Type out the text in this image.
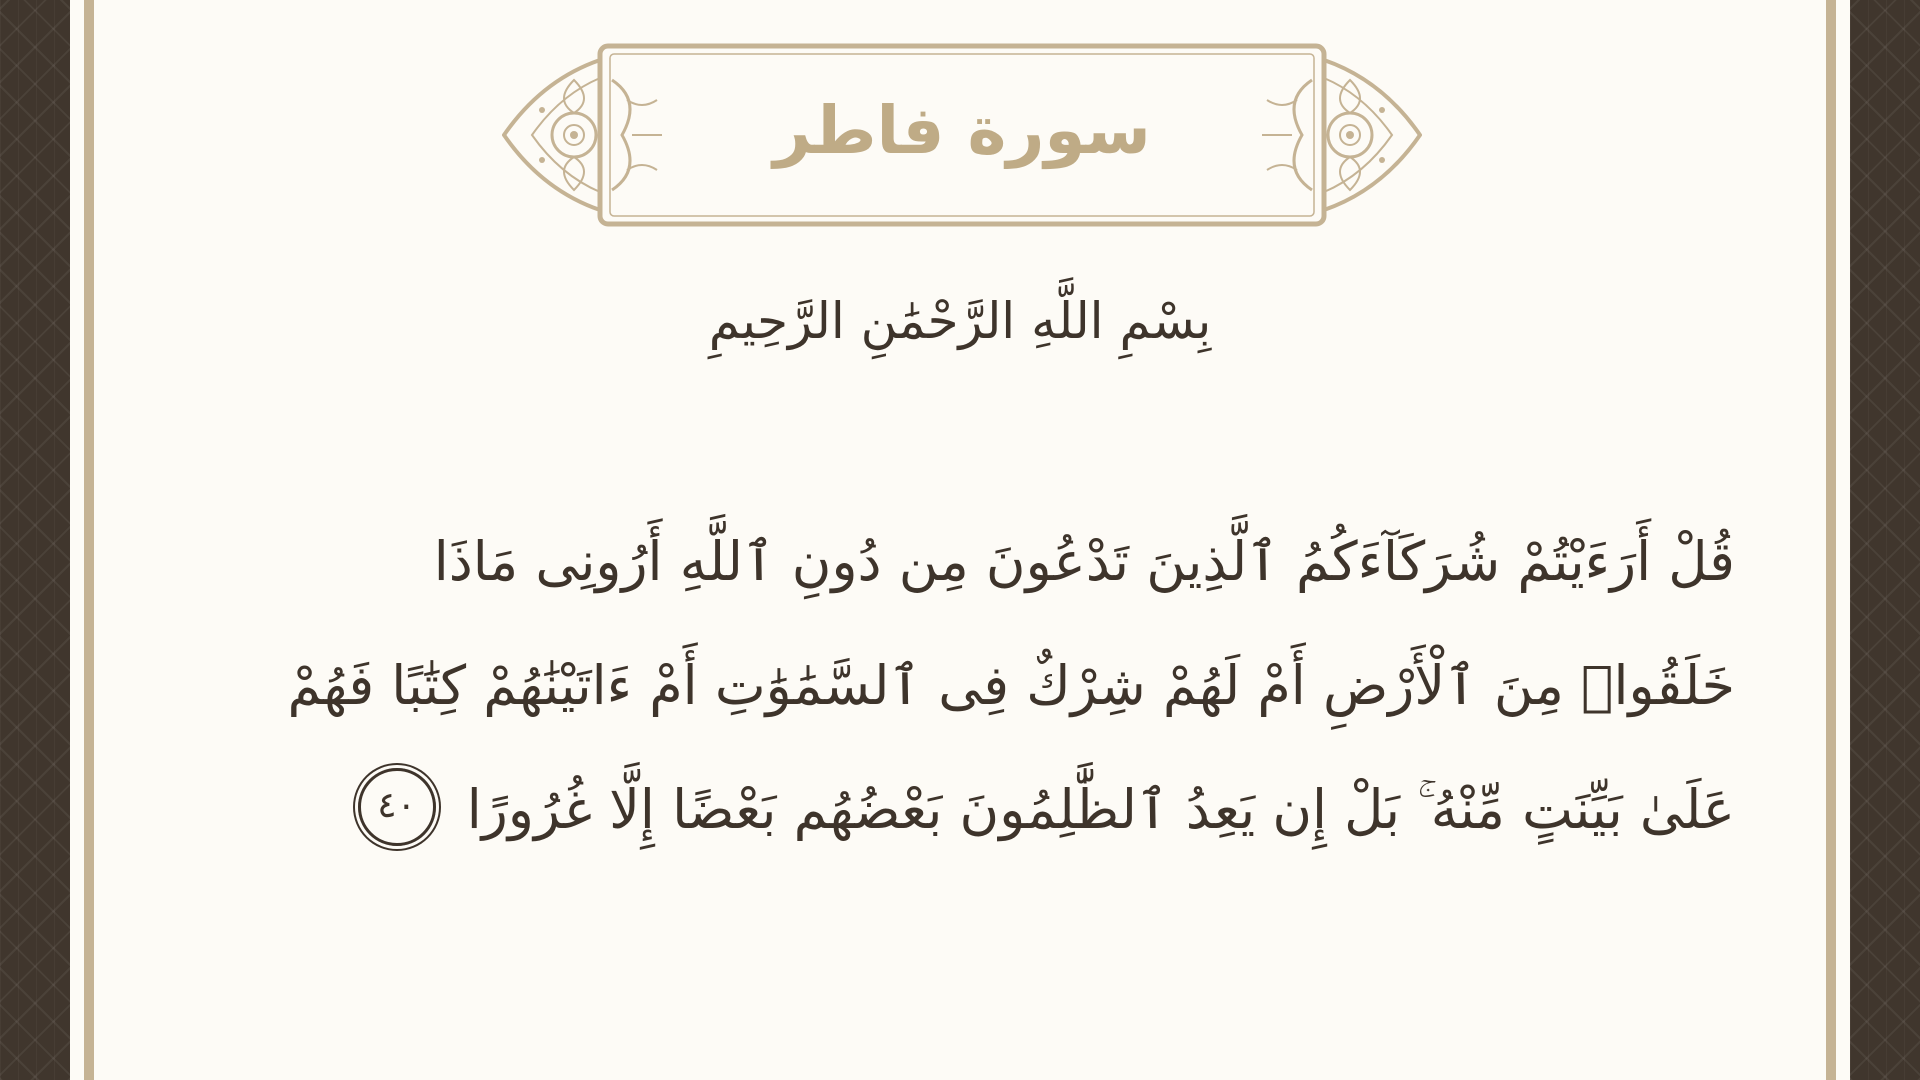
سورة فاطر
بِسْمِ اللَّهِ الرَّحْمَٰنِ الرَّحِيمِ
قُلْ أَرَءَيْتُمْ شُرَكَآءَكُمُ ٱلَّذِينَ تَدْعُونَ مِن دُونِ ٱللَّهِ أَرُونِى مَاذَا
خَلَقُوا۟ مِنَ ٱلْأَرْضِ أَمْ لَهُمْ شِرْكٌ فِى ٱلسَّمَٰوَٰتِ أَمْ ءَاتَيْنَٰهُمْ كِتَٰبًا فَهُمْ
عَلَىٰ بَيِّنَتٍ مِّنْهُ ۚ بَلْ إِن يَعِدُ ٱلظَّٰلِمُونَ بَعْضُهُم بَعْضًا إِلَّا غُرُورًا ٤٠
